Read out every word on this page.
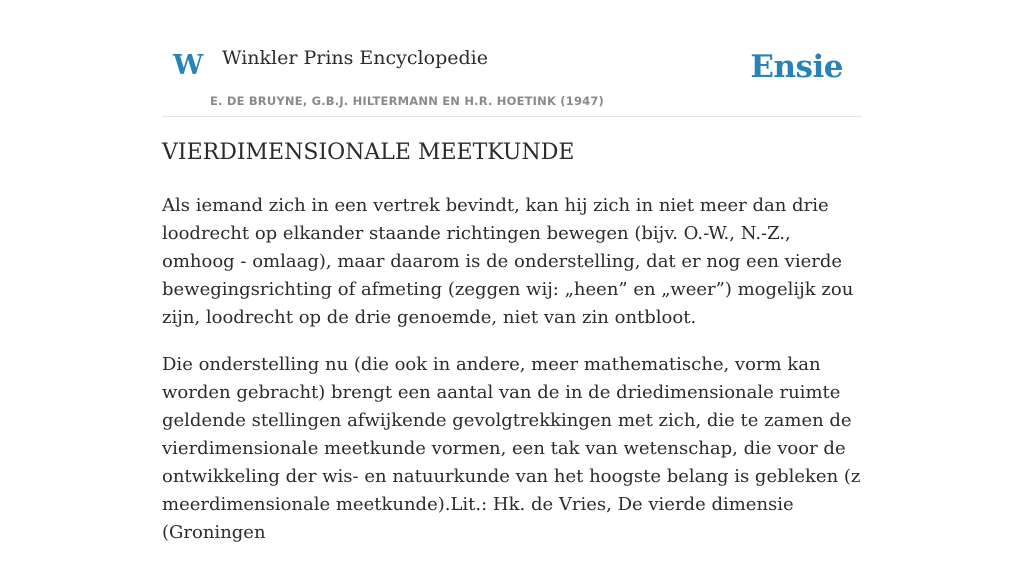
W Winkler Prins Encyclopedie
E. DE BRUYNE, G.B.J. HILTERMANN EN H.R. HOETINK (1947)
Ensie
VIERDIMENSIONALE MEETKUNDE

Als iemand zich in een vertrek bevindt, kan hij zich in niet meer dan drie loodrecht op elkander staande richtingen bewegen (bijv. O.-W., N.-Z., omhoog - omlaag), maar daarom is de onderstelling, dat er nog een vierde bewegingsrichting of afmeting (zeggen wij: „heen” en „weer”) mogelijk zou zijn, loodrecht op de drie genoemde, niet van zin ontbloot.

Die onderstelling nu (die ook in andere, meer mathematische, vorm kan worden gebracht) brengt een aantal van de in de driedimensionale ruimte geldende stellingen afwijkende gevolgtrekkingen met zich, die te zamen de vierdimensionale meetkunde vormen, een tak van wetenschap, die voor de ontwikkeling der wis- en natuurkunde van het hoogste belang is gebleken (z meerdimensionale meetkunde).Lit.: Hk. de Vries, De vierde dimensie (Groningen
